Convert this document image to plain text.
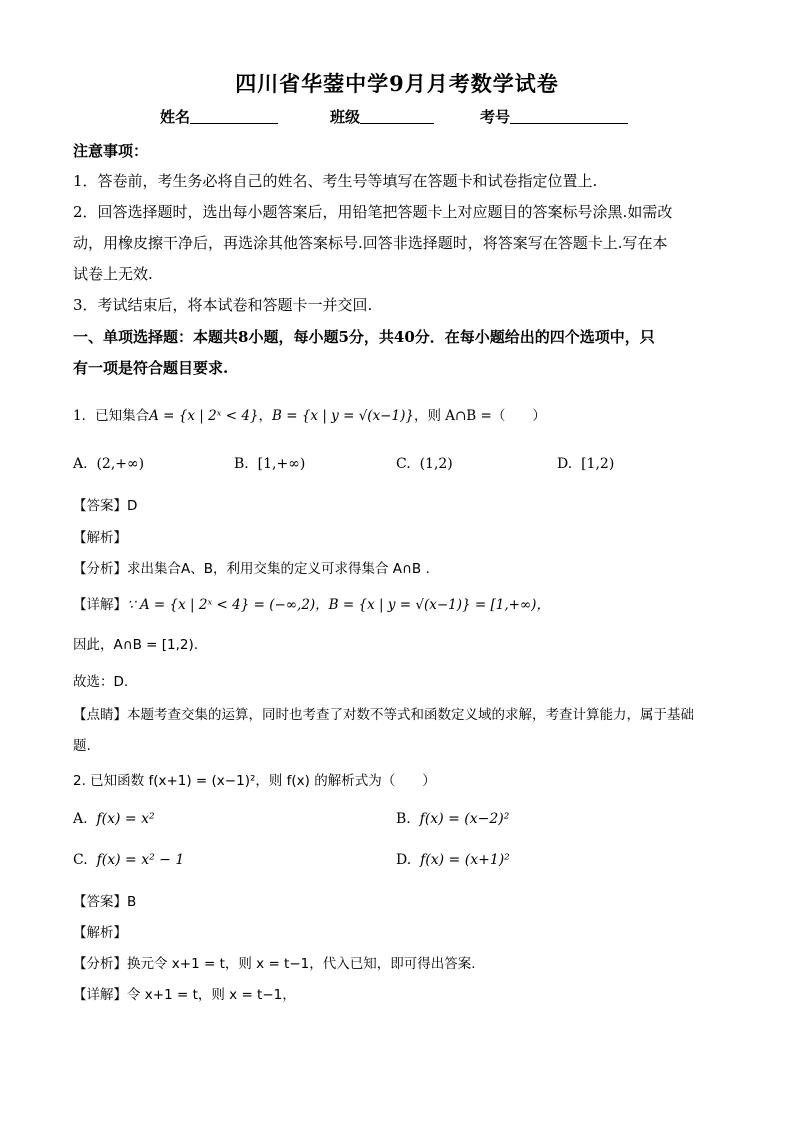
四川省华蓥中学9月月考数学试卷
姓名	班级	考号
注意事项：
1．答卷前，考生务必将自己的姓名、考生号等填写在答题卡和试卷指定位置上.
2．回答选择题时，选出每小题答案后，用铅笔把答题卡上对应题目的答案标号涂黑.如需改
动，用橡皮擦干净后，再选涂其他答案标号.回答非选择题时，将答案写在答题卡上.写在本
试卷上无效.
3．考试结束后，将本试卷和答题卡一并交回.
一、单项选择题：本题共8小题，每小题5分，共40分．在每小题给出的四个选项中，只
有一项是符合题目要求.
1．已知集合A = {x | 2ˣ < 4}，B = {x | y = √(x−1)}，则 A∩B =（　　）
A. (2,+∞)	B. [1,+∞)	C. (1,2)	D. [1,2)
【答案】D
【解析】
【分析】求出集合A、B，利用交集的定义可求得集合 A∩B .
【详解】∵ A = {x | 2ˣ < 4} = (−∞,2)，B = {x | y = √(x−1)} = [1,+∞)，
因此，A∩B = [1,2).
故选：D.
【点睛】本题考查交集的运算，同时也考查了对数不等式和函数定义域的求解，考查计算能力，属于基础
题.
2. 已知函数 f(x+1) = (x−1)²，则 f(x) 的解析式为（　　）
A. f(x) = x²	B. f(x) = (x−2)²
C. f(x) = x² − 1	D. f(x) = (x+1)²
【答案】B
【解析】
【分析】换元令 x+1 = t，则 x = t−1，代入已知，即可得出答案.
【详解】令 x+1 = t，则 x = t−1，
